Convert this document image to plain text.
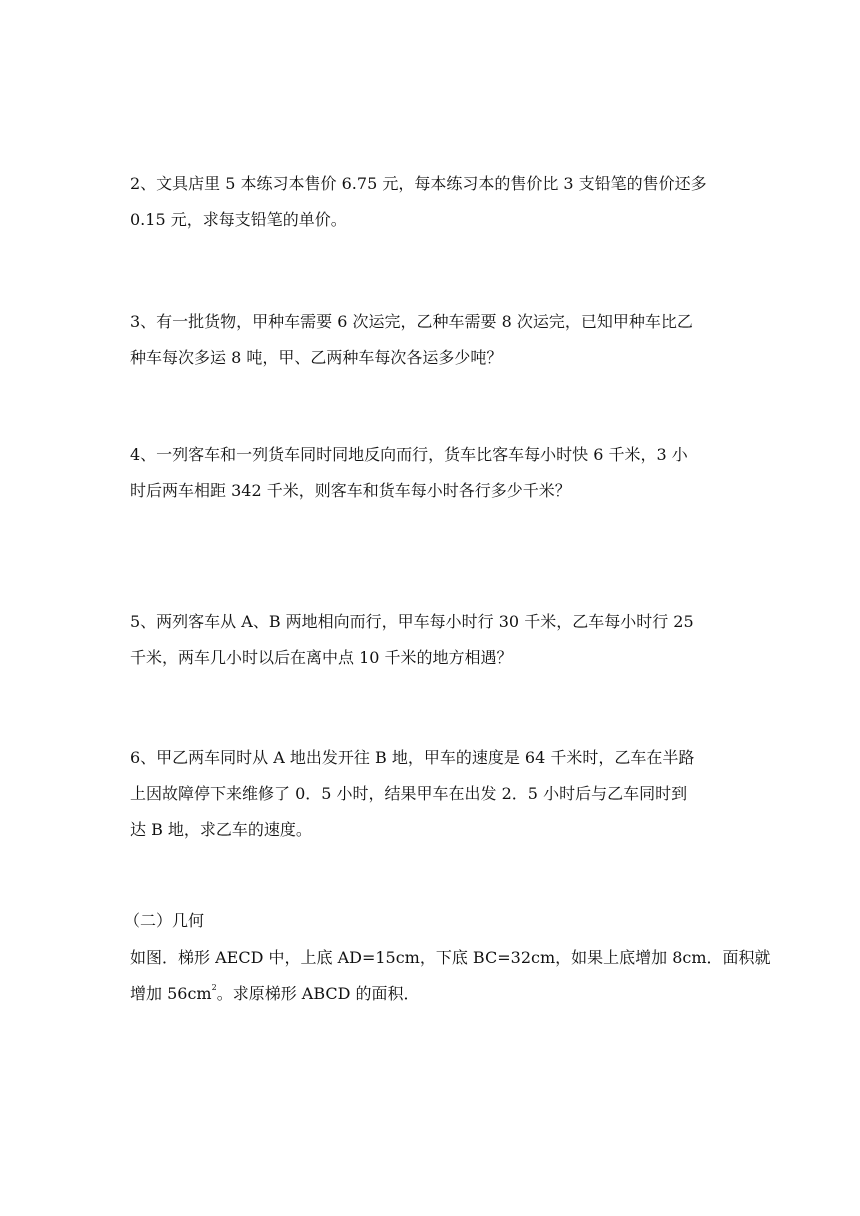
2、文具店里 5 本练习本售价 6.75 元，每本练习本的售价比 3 支铅笔的售价还多
0.15 元，求每支铅笔的单价。
3、有一批货物，甲种车需要 6 次运完，乙种车需要 8 次运完，已知甲种车比乙
种车每次多运 8 吨，甲、乙两种车每次各运多少吨？
4、一列客车和一列货车同时同地反向而行，货车比客车每小时快 6 千米，3 小
时后两车相距 342 千米，则客车和货车每小时各行多少千米？
5、两列客车从 A、B 两地相向而行，甲车每小时行 30 千米，乙车每小时行 25
千米，两车几小时以后在离中点 10 千米的地方相遇？
6、甲乙两车同时从 A 地出发开往 B 地，甲车的速度是 64 千米时，乙车在半路
上因故障停下来维修了 0．5 小时，结果甲车在出发 2．5 小时后与乙车同时到
达 B 地，求乙车的速度。
（二）几何
如图．梯形 AECD 中，上底 AD=15cm，下底 BC=32cm，如果上底增加 8cm．面积就
增加 $56cm^2$。求原梯形 ABCD 的面积．
